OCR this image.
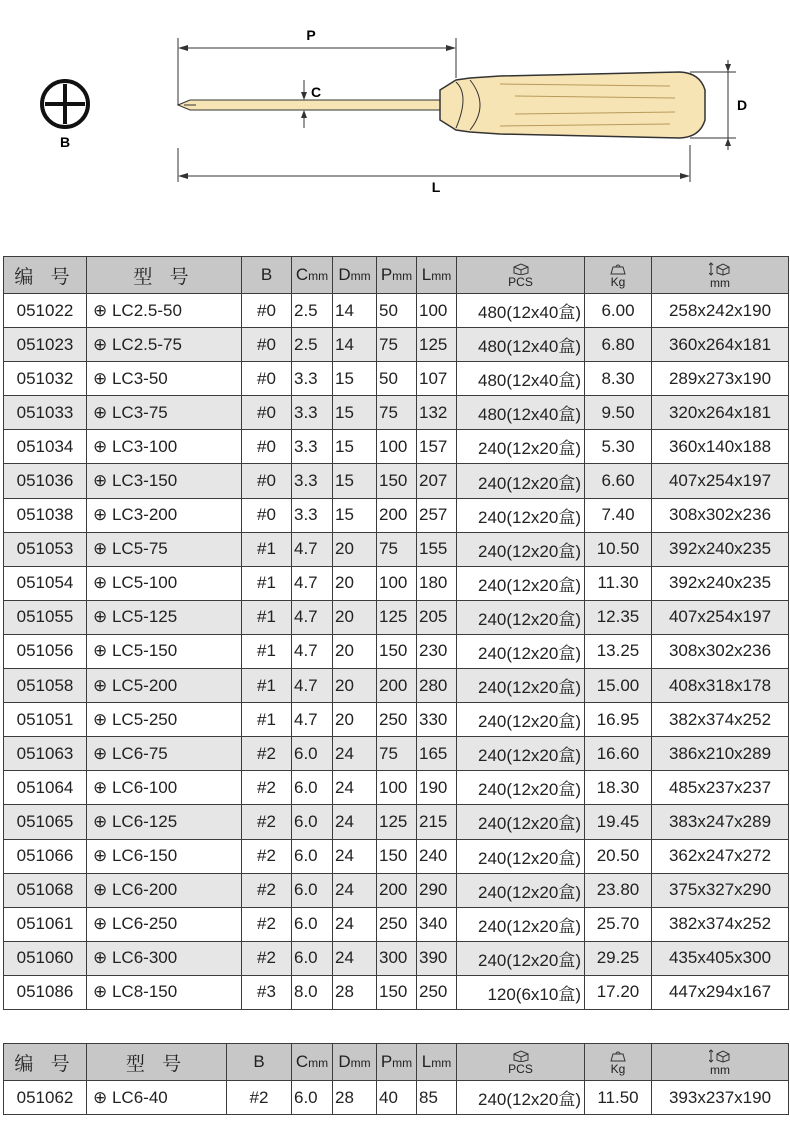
B
P
C
D
L
编 号	型 号	B	Cmm	Dmm	Pmm	Lmm	PCS	Kg	mm

051022	⊕ LC2.5-50	#0	2.5	14	50	100	480(12x40盒)	6.00	258x242x190
051023	⊕ LC2.5-75	#0	2.5	14	75	125	480(12x40盒)	6.80	360x264x181
051032	⊕ LC3-50	#0	3.3	15	50	107	480(12x40盒)	8.30	289x273x190
051033	⊕ LC3-75	#0	3.3	15	75	132	480(12x40盒)	9.50	320x264x181
051034	⊕ LC3-100	#0	3.3	15	100	157	240(12x20盒)	5.30	360x140x188
051036	⊕ LC3-150	#0	3.3	15	150	207	240(12x20盒)	6.60	407x254x197
051038	⊕ LC3-200	#0	3.3	15	200	257	240(12x20盒)	7.40	308x302x236
051053	⊕ LC5-75	#1	4.7	20	75	155	240(12x20盒)	10.50	392x240x235
051054	⊕ LC5-100	#1	4.7	20	100	180	240(12x20盒)	11.30	392x240x235
051055	⊕ LC5-125	#1	4.7	20	125	205	240(12x20盒)	12.35	407x254x197
051056	⊕ LC5-150	#1	4.7	20	150	230	240(12x20盒)	13.25	308x302x236
051058	⊕ LC5-200	#1	4.7	20	200	280	240(12x20盒)	15.00	408x318x178
051051	⊕ LC5-250	#1	4.7	20	250	330	240(12x20盒)	16.95	382x374x252
051063	⊕ LC6-75	#2	6.0	24	75	165	240(12x20盒)	16.60	386x210x289
051064	⊕ LC6-100	#2	6.0	24	100	190	240(12x20盒)	18.30	485x237x237
051065	⊕ LC6-125	#2	6.0	24	125	215	240(12x20盒)	19.45	383x247x289
051066	⊕ LC6-150	#2	6.0	24	150	240	240(12x20盒)	20.50	362x247x272
051068	⊕ LC6-200	#2	6.0	24	200	290	240(12x20盒)	23.80	375x327x290
051061	⊕ LC6-250	#2	6.0	24	250	340	240(12x20盒)	25.70	382x374x252
051060	⊕ LC6-300	#2	6.0	24	300	390	240(12x20盒)	29.25	435x405x300
051086	⊕ LC8-150	#3	8.0	28	150	250	120(6x10盒)	17.20	447x294x167
编 号	型 号	B	Cmm	Dmm	Pmm	Lmm	PCS	Kg	mm

051062	⊕ LC6-40	#2	6.0	28	40	85	240(12x20盒)	11.50	393x237x190
